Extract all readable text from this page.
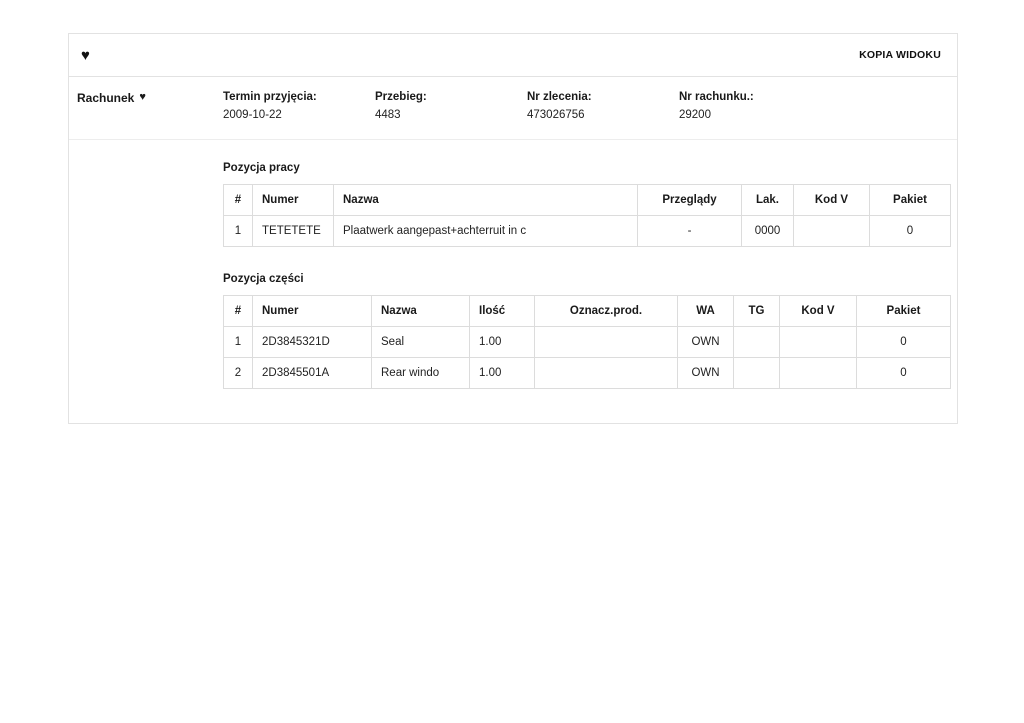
♥	KOPIA WIDOKU
Rachunek ♥	Termin przyjęcia:
2009-10-22
Przebieg:
4483
Nr zlecenia:
473026756
Nr rachunku.:
29200
Pozycja pracy
#	Numer	Nazwa	Przeglądy	Lak.	Kod V	Pakiet
1	TETETETE	Plaatwerk aangepast+achterruit in c	-	0000		0
Pozycja części
#	Numer	Nazwa	Ilość	Oznacz.prod.	WA	TG	Kod V	Pakiet
1	2D3845321D	Seal	1.00		OWN			0
2	2D3845501A	Rear windo	1.00		OWN			0
